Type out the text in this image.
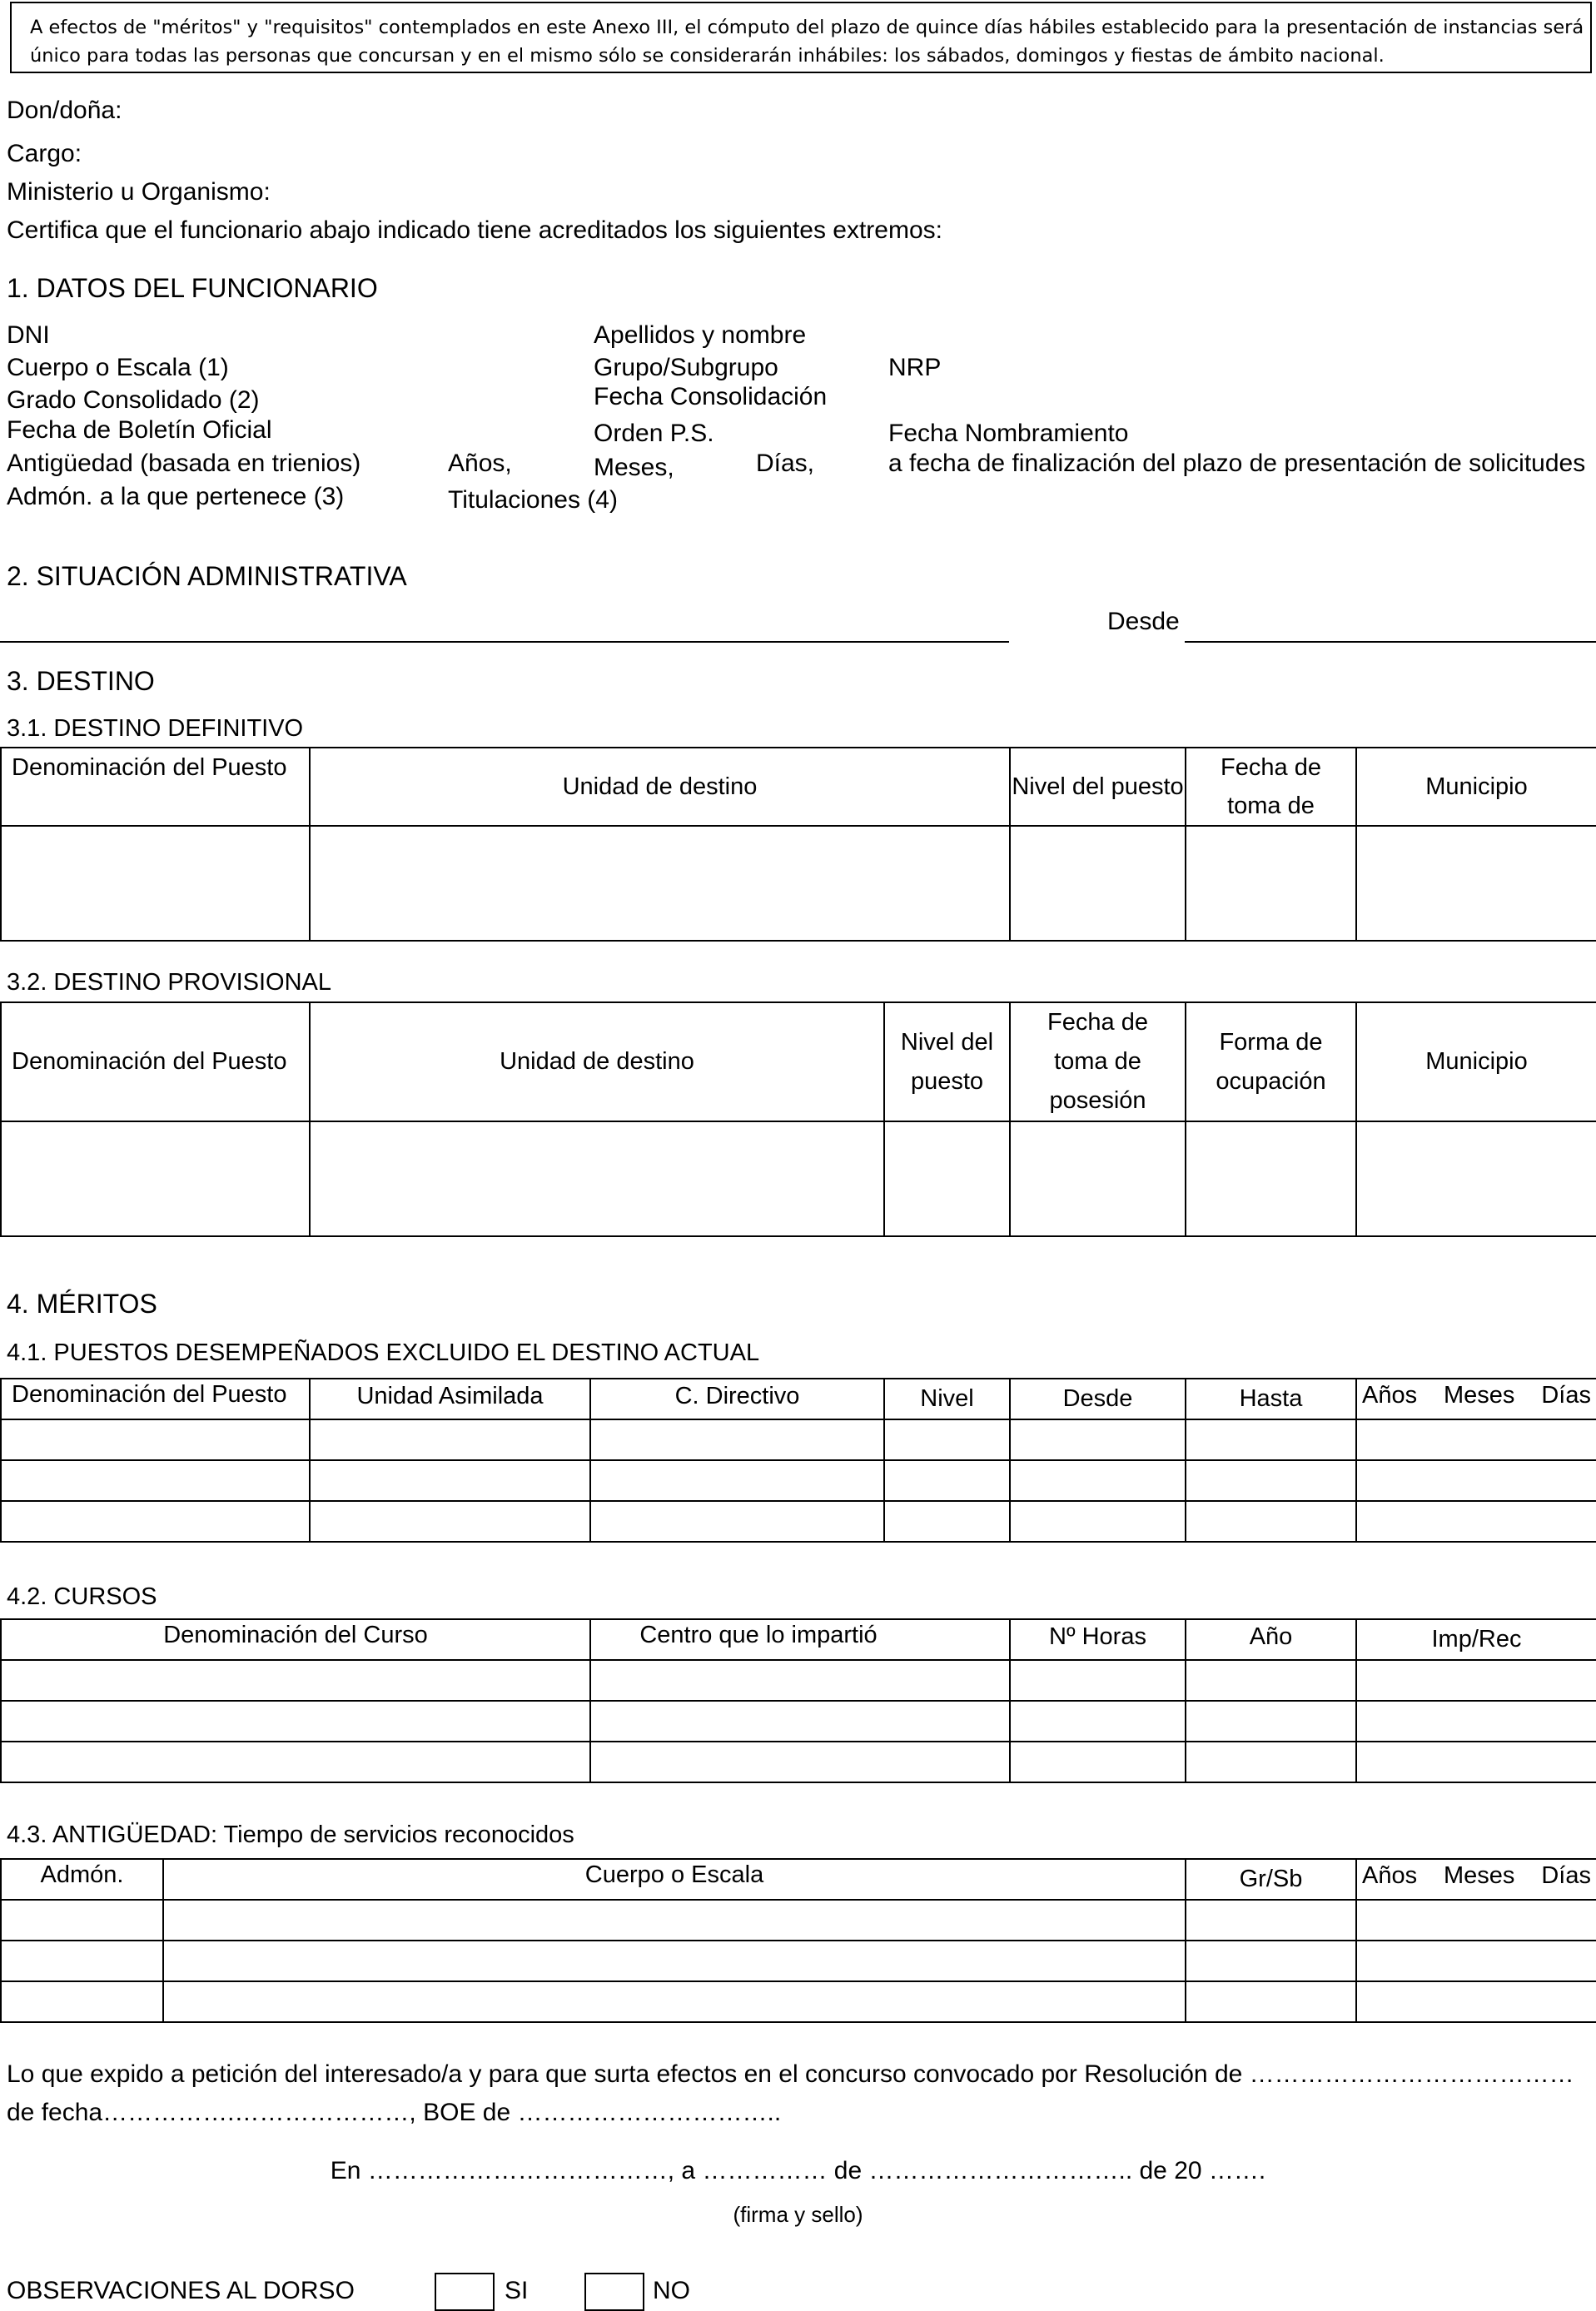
A efectos de "méritos" y "requisitos" contemplados en este Anexo III, el cómputo del plazo de quince días hábiles establecido para la presentación de instancias será
único para todas las personas que concursan y en el mismo sólo se considerarán inhábiles: los sábados, domingos y fiestas de ámbito nacional.
Don/doña:
Cargo:
Ministerio u Organismo:
Certifica que el funcionario abajo indicado tiene acreditados los siguientes extremos:
1. DATOS DEL FUNCIONARIO
DNI	Apellidos y nombre
Cuerpo o Escala (1)	Grupo/Subgrupo	NRP
Grado Consolidado (2)	Fecha Consolidación
Fecha de Boletín Oficial	Orden P.S.	Fecha Nombramiento
Antigüedad (basada en trienios)	Años,	Meses,	Días,	a fecha de finalización del plazo de presentación de solicitudes
Admón. a la que pertenece (3)	Titulaciones (4)
2. SITUACIÓN ADMINISTRATIVA
Desde
3. DESTINO
3.1. DESTINO DEFINITIVO
Denominación del Puesto	Unidad de destino	Nivel del puesto	Fecha de toma de	Municipio

3.2. DESTINO PROVISIONAL
Denominación del Puesto	Unidad de destino	Nivel del puesto	Fecha de toma de posesión	Forma de ocupación	Municipio

4. MÉRITOS
4.1. PUESTOS DESEMPEÑADOS EXCLUIDO EL DESTINO ACTUAL
Denominación del Puesto	Unidad Asimilada	C. Directivo	Nivel	Desde	Hasta	Años Meses Días

4.2. CURSOS
Denominación del Curso	Centro que lo impartió	Nº Horas	Año	Imp/Rec

4.3. ANTIGÜEDAD: Tiempo de servicios reconocidos
Admón.	Cuerpo o Escala	Gr/Sb	Años Meses Días

Lo que expido a petición del interesado/a y para que surta efectos en el concurso convocado por Resolución de …………………………………
de fecha…………….…………………, BOE de …………………………..
En ………………………………, a …………… de ………………………….. de 20 …….
(firma y sello)
OBSERVACIONES AL DORSO	SI	NO
